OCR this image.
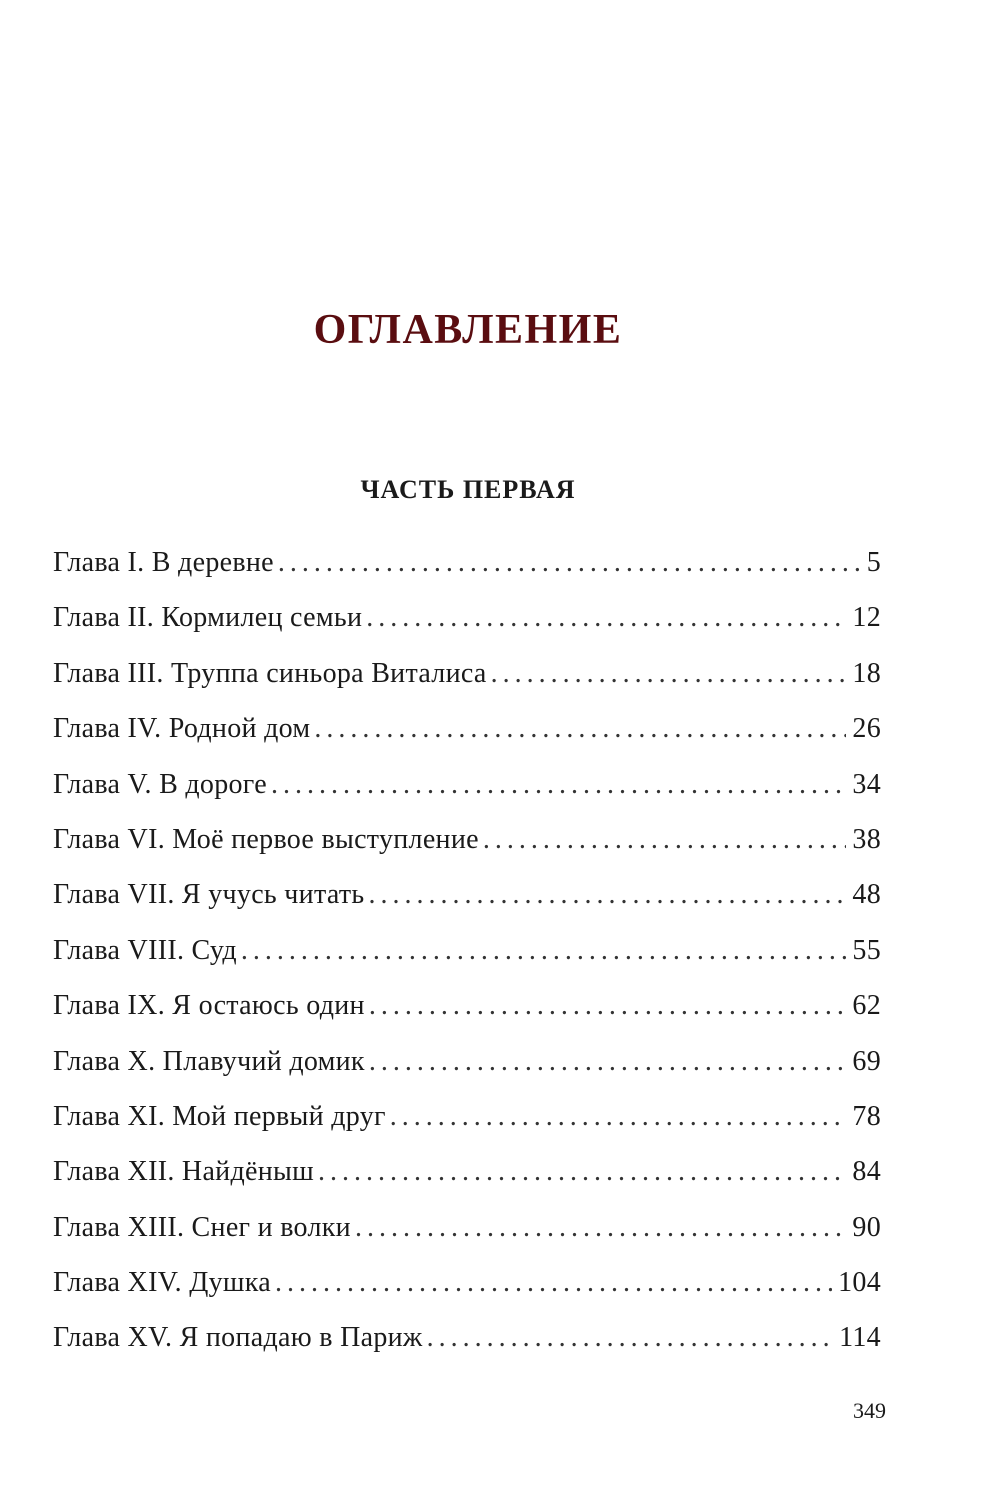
ОГЛАВЛЕНИЕ
ЧАСТЬ ПЕРВАЯ
Глава I. В деревне . . .	5
Глава II. Кормилец семьи . . .	12
Глава III. Труппа синьора Виталиса . . .	18
Глава IV. Родной дом . . .	26
Глава V. В дороге . . .	34
Глава VI. Моё первое выступление . . .	38
Глава VII. Я учусь читать . . .	48
Глава VIII. Суд . . .	55
Глава IX. Я остаюсь один . . .	62
Глава X. Плавучий домик . . .	69
Глава XI. Мой первый друг . . .	78
Глава XII. Найдёныш . . .	84
Глава XIII. Снег и волки . . .	90
Глава XIV. Душка . . .	104
Глава XV. Я попадаю в Париж . . .	114
349
